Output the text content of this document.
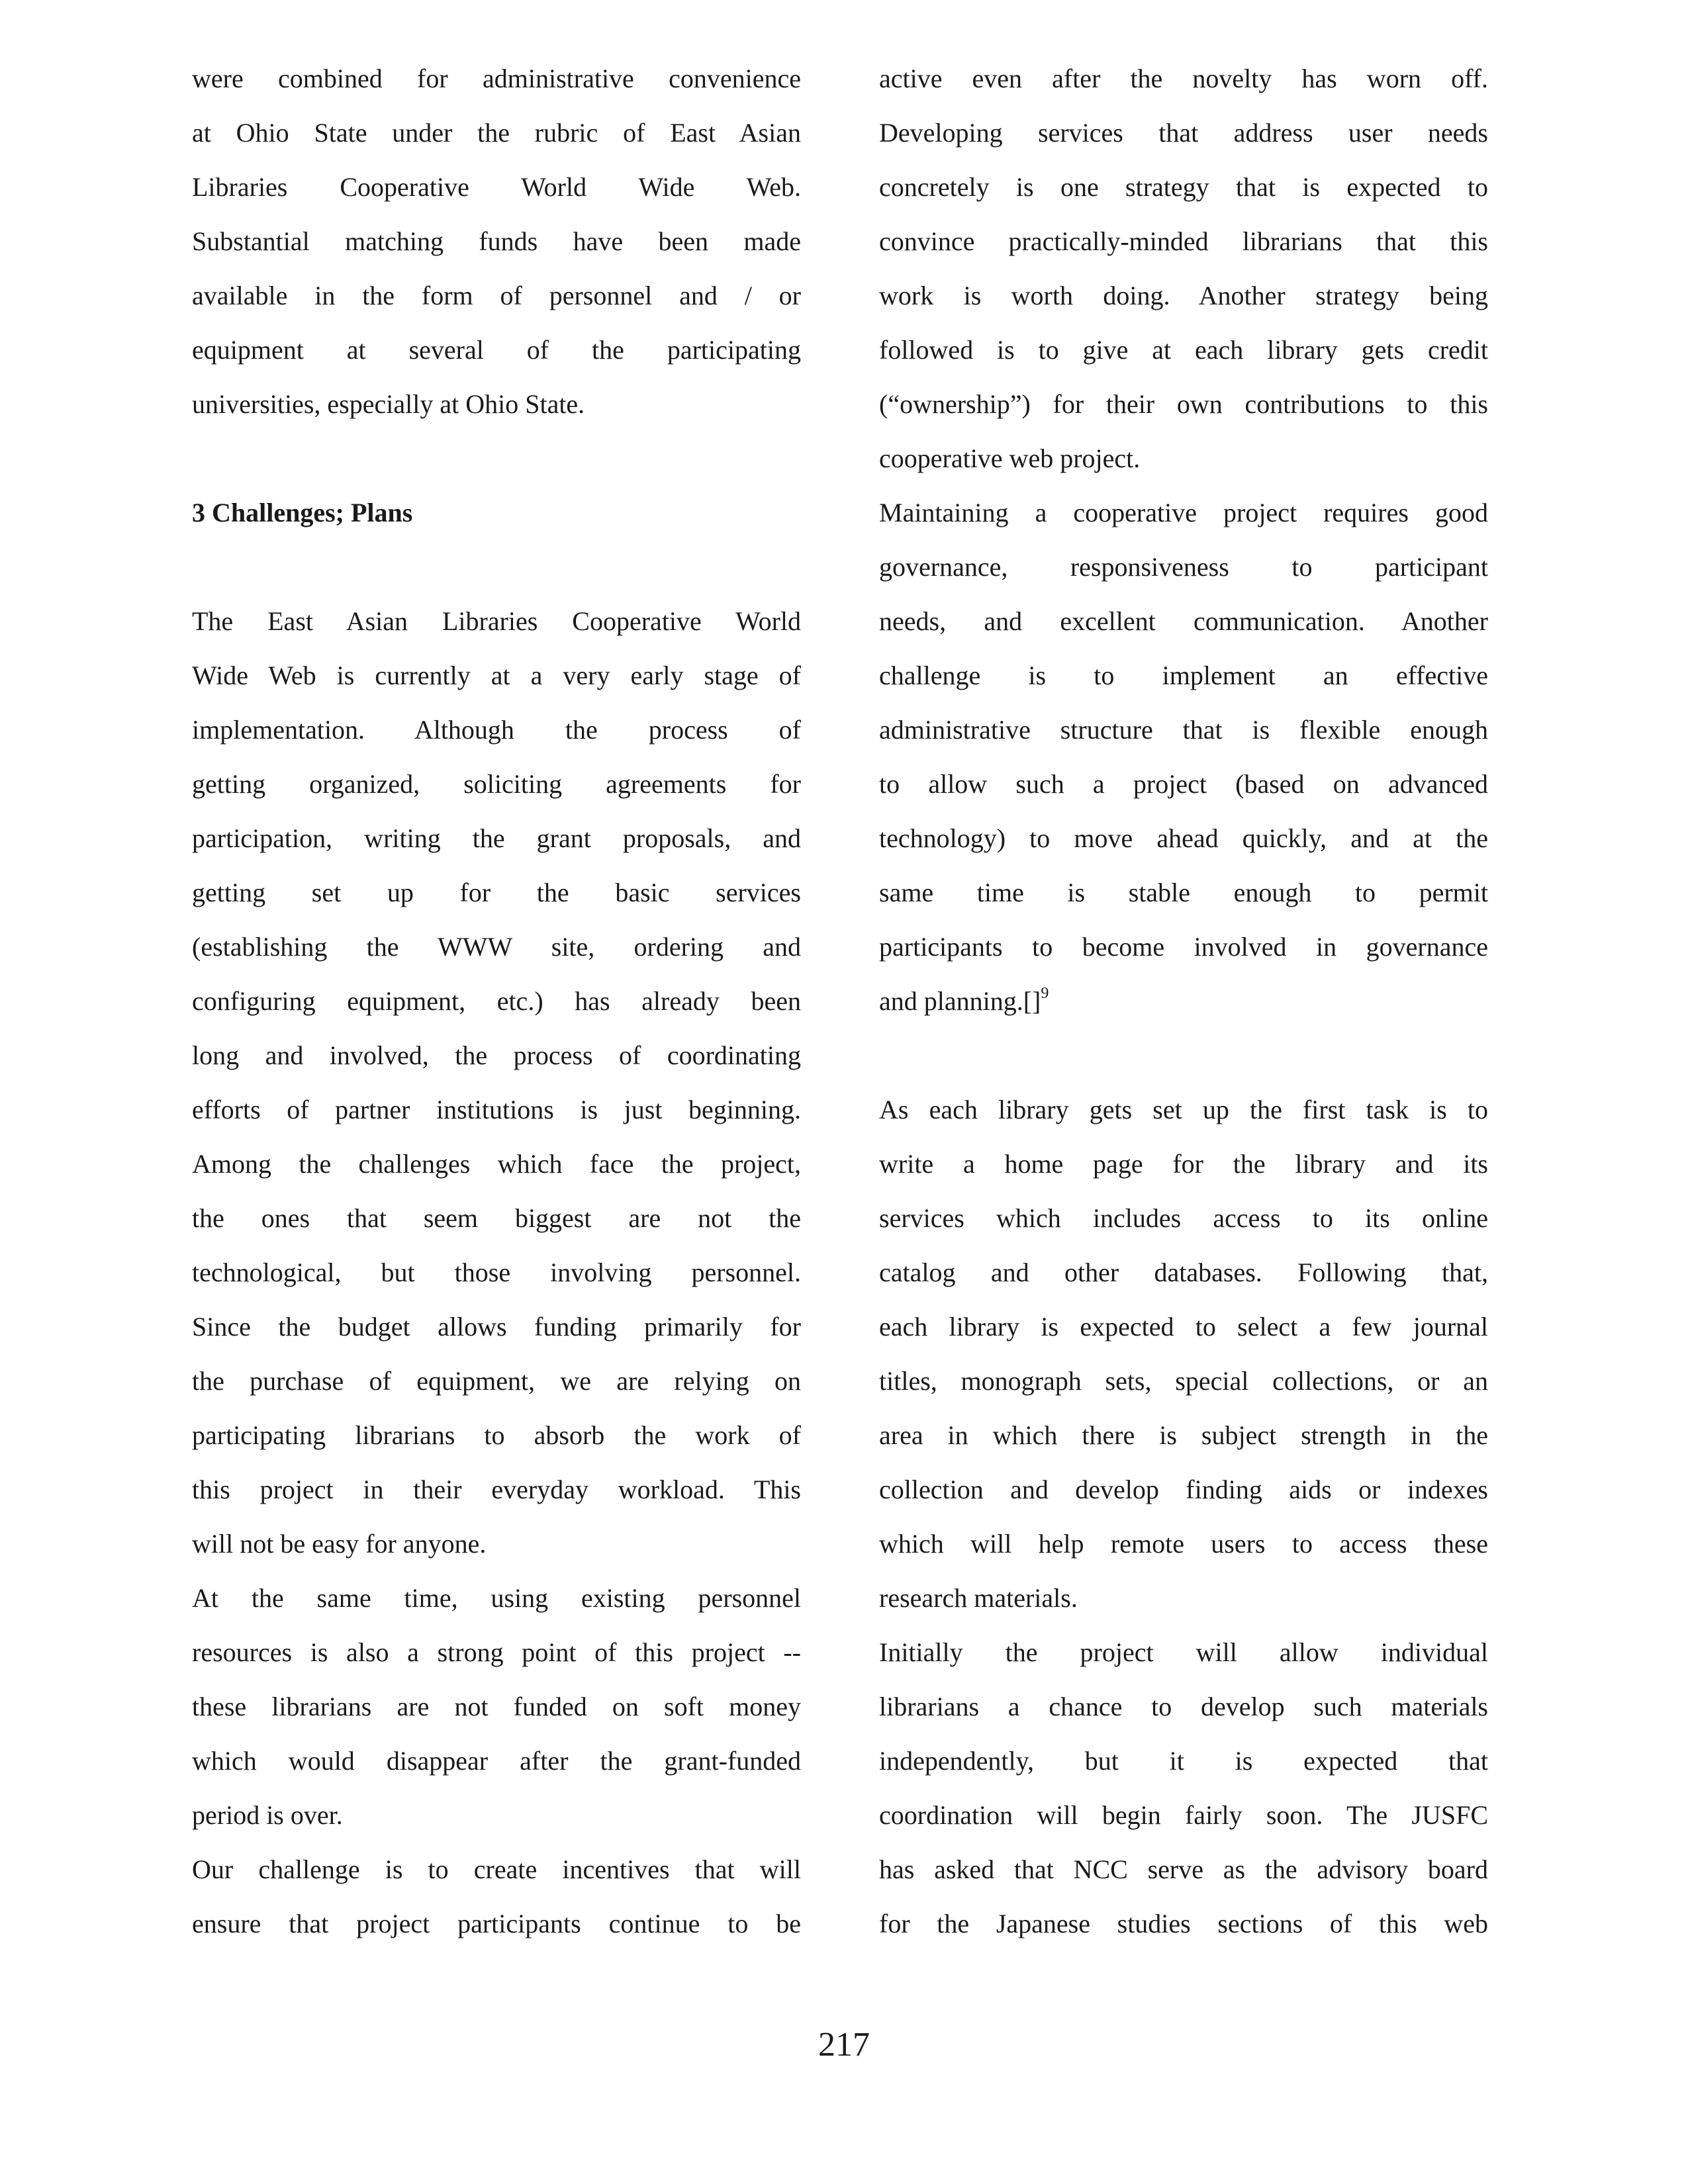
were combined for administrative convenience
at Ohio State under the rubric of East Asian
Libraries Cooperative World Wide Web.
Substantial matching funds have been made
available in the form of personnel and / or
equipment at several of the participating
universities, especially at Ohio State.
3 Challenges; Plans
The East Asian Libraries Cooperative World
Wide Web is currently at a very early stage of
implementation. Although the process of
getting organized, soliciting agreements for
participation, writing the grant proposals, and
getting set up for the basic services
(establishing the WWW site, ordering and
configuring equipment, etc.) has already been
long and involved, the process of coordinating
efforts of partner institutions is just beginning.
Among the challenges which face the project,
the ones that seem biggest are not the
technological, but those involving personnel.
Since the budget allows funding primarily for
the purchase of equipment, we are relying on
participating librarians to absorb the work of
this project in their everyday workload. This
will not be easy for anyone.
At the same time, using existing personnel
resources is also a strong point of this project --
these librarians are not funded on soft money
which would disappear after the grant-funded
period is over.
Our challenge is to create incentives that will
ensure that project participants continue to be
active even after the novelty has worn off.
Developing services that address user needs
concretely is one strategy that is expected to
convince practically-minded librarians that this
work is worth doing. Another strategy being
followed is to give at each library gets credit
(“ownership”) for their own contributions to this
cooperative web project.
Maintaining a cooperative project requires good
governance, responsiveness to participant
needs, and excellent communication. Another
challenge is to implement an effective
administrative structure that is flexible enough
to allow such a project (based on advanced
technology) to move ahead quickly, and at the
same time is stable enough to permit
participants to become involved in governance
and planning.[]$^9$
As each library gets set up the first task is to
write a home page for the library and its
services which includes access to its online
catalog and other databases. Following that,
each library is expected to select a few journal
titles, monograph sets, special collections, or an
area in which there is subject strength in the
collection and develop finding aids or indexes
which will help remote users to access these
research materials.
Initially the project will allow individual
librarians a chance to develop such materials
independently, but it is expected that
coordination will begin fairly soon. The JUSFC
has asked that NCC serve as the advisory board
for the Japanese studies sections of this web
217
